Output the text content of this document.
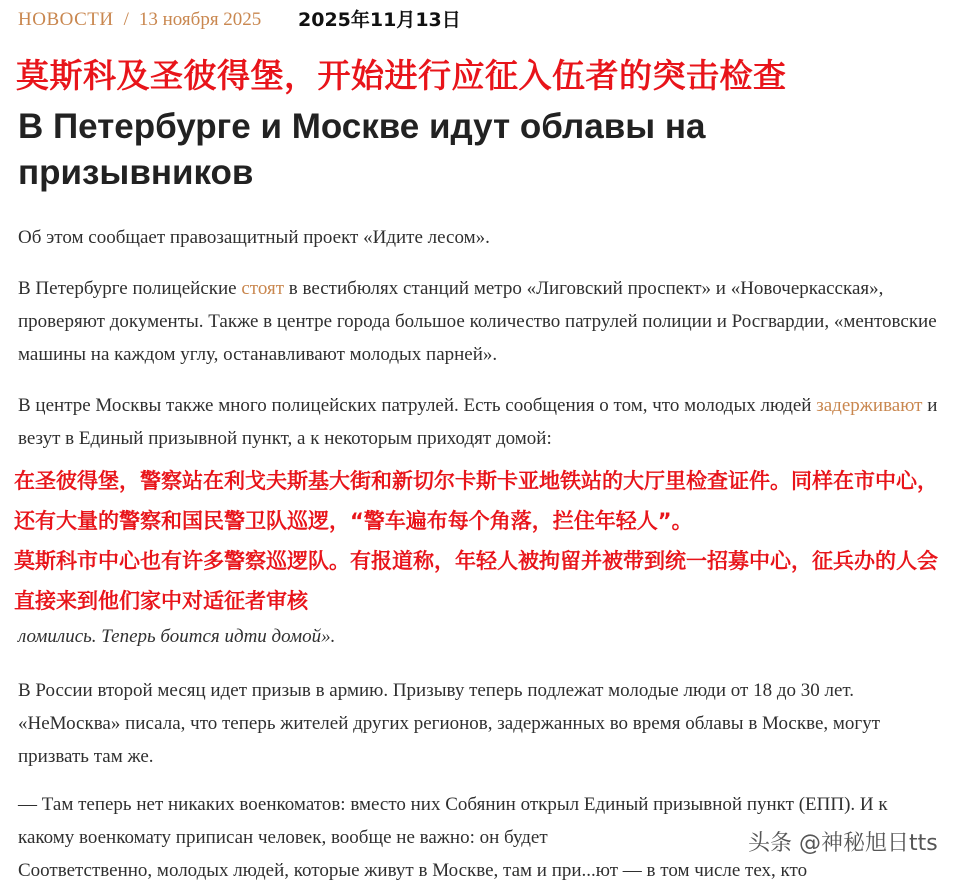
НОВОСТИ / 13 ноября 2025 2025年11月13日
莫斯科及圣彼得堡，开始进行应征入伍者的突击检查
В Петербурге и Москве идут облавы на призывников

Об этом сообщает правозащитный проект «Идите лесом».

В Петербурге полицейские стоят в вестибюлях станций метро «Лиговский проспект» и «Новочеркасская», проверяют документы. Также в центре города большое количество патрулей полиции и Росгвардии, «ментовские машины на каждом углу, останавливают молодых парней».

В центре Москвы также много полицейских патрулей. Есть сообщения о том, что молодых людей задерживают и везут в Единый призывной пункт, а к некоторым приходят домой:

在圣彼得堡，警察站在利戈夫斯基大街和新切尔卡斯卡亚地铁站的大厅里检查证件。同样在市中心，还有大量的警察和国民警卫队巡逻，“警车遍布每个角落，拦住年轻人”。
莫斯科市中心也有许多警察巡逻队。有报道称，年轻人被拘留并被带到统一招募中心，征兵办的人会直接来到他们家中对适征者审核

ломились. Теперь боится идти домой».

В России второй месяц идет призыв в армию. Призыву теперь подлежат молодые люди от 18 до 30 лет. «НеМосква» писала, что теперь жителей других регионов, задержанных во время облавы в Москве, могут призвать там же.

— Там теперь нет никаких военкоматов: вместо них Собянин открыл Единый призывной пункт (ЕПП). И к какому военкомату приписан человек, вообще не важно: он будет

Соответственно, молодых людей, которые живут в Москве, там и при...ют — в том числе тех, кто

头条 @神秘旭日tts
